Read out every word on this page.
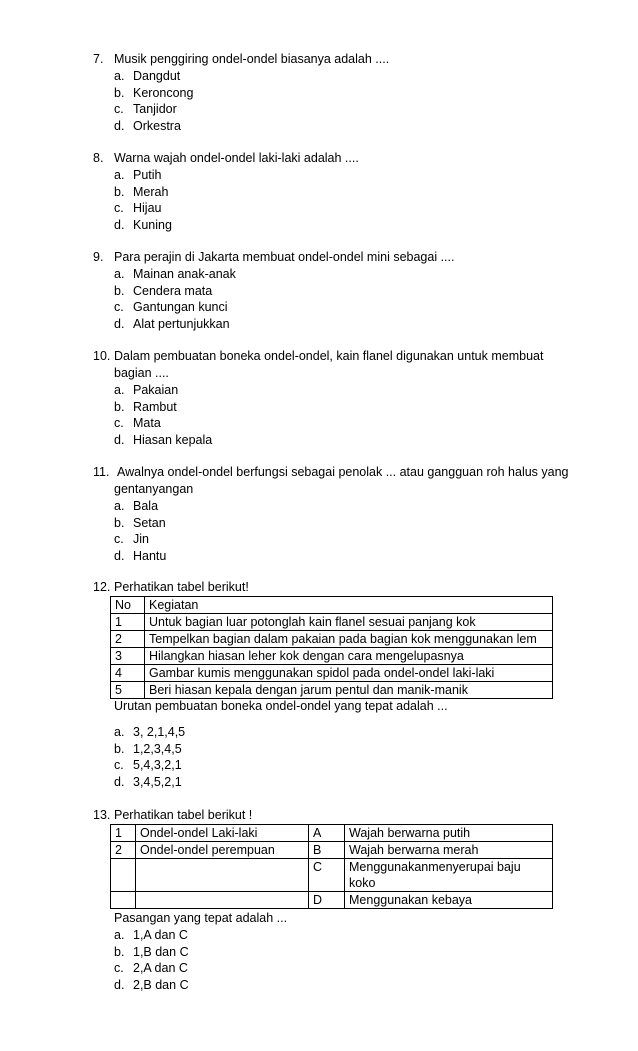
7. Musik penggiring ondel-ondel biasanya adalah ....
a. Dangdut
b. Keroncong
c. Tanjidor
d. Orkestra
8. Warna wajah ondel-ondel laki-laki adalah ....
a. Putih
b. Merah
c. Hijau
d. Kuning
9. Para perajin di Jakarta membuat ondel-ondel mini sebagai ....
a. Mainan anak-anak
b. Cendera mata
c. Gantungan kunci
d. Alat pertunjukkan
10. Dalam pembuatan boneka ondel-ondel, kain flanel digunakan untuk membuat
bagian ....
a. Pakaian
b. Rambut
c. Mata
d. Hiasan kepala
11. Awalnya ondel-ondel berfungsi sebagai penolak ... atau gangguan roh halus yang
gentanyangan
a. Bala
b. Setan
c. Jin
d. Hantu
12. Perhatikan tabel berikut!
No	Kegiatan
1	Untuk bagian luar potonglah kain flanel sesuai panjang kok
2	Tempelkan bagian dalam pakaian pada bagian kok menggunakan lem
3	Hilangkan hiasan leher kok dengan cara mengelupasnya
4	Gambar kumis menggunakan spidol pada ondel-ondel laki-laki
5	Beri hiasan kepala dengan jarum pentul dan manik-manik
Urutan pembuatan boneka ondel-ondel yang tepat adalah ...
a. 3, 2,1,4,5
b. 1,2,3,4,5
c. 5,4,3,2,1
d. 3,4,5,2,1
13. Perhatikan tabel berikut !
1	Ondel-ondel Laki-laki	A	Wajah berwarna putih
2	Ondel-ondel perempuan	B	Wajah berwarna merah
		C	Menggunakanmenyerupai baju koko
		D	Menggunakan kebaya
Pasangan yang tepat adalah ...
a. 1,A dan C
b. 1,B dan C
c. 2,A dan C
d. 2,B dan C
